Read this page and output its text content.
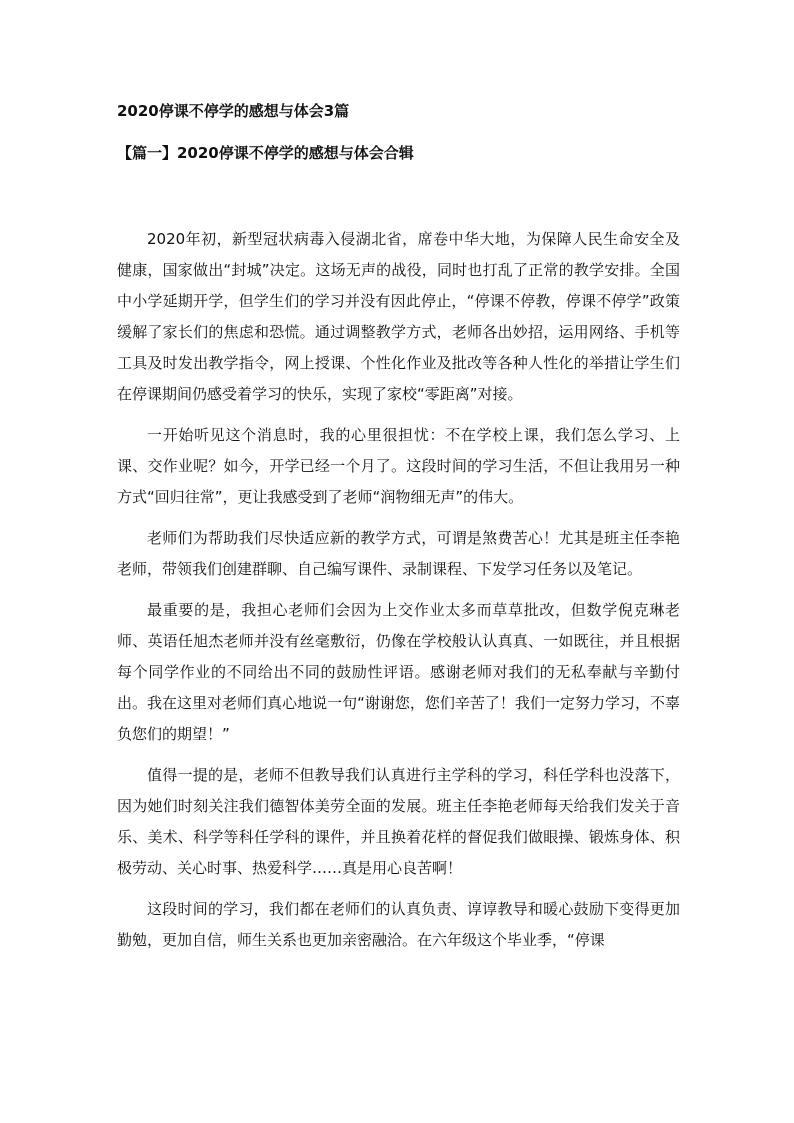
2020停课不停学的感想与体会3篇
【篇一】2020停课不停学的感想与体会合辑

2020年初，新型冠状病毒入侵湖北省，席卷中华大地，为保障人民生命安全及健康，国家做出“封城”决定。这场无声的战役，同时也打乱了正常的教学安排。全国中小学延期开学，但学生们的学习并没有因此停止，“停课不停教，停课不停学”政策缓解了家长们的焦虑和恐慌。通过调整教学方式，老师各出妙招，运用网络、手机等工具及时发出教学指令，网上授课、个性化作业及批改等各种人性化的举措让学生们在停课期间仍感受着学习的快乐，实现了家校“零距离”对接。

一开始听见这个消息时，我的心里很担忧：不在学校上课，我们怎么学习、上课、交作业呢？如今，开学已经一个月了。这段时间的学习生活，不但让我用另一种方式“回归往常”，更让我感受到了老师“润物细无声”的伟大。

老师们为帮助我们尽快适应新的教学方式，可谓是煞费苦心！尤其是班主任李艳老师，带领我们创建群聊、自己编写课件、录制课程、下发学习任务以及笔记。

最重要的是，我担心老师们会因为上交作业太多而草草批改，但数学倪克琳老师、英语任旭杰老师并没有丝毫敷衍，仍像在学校般认认真真、一如既往，并且根据每个同学作业的不同给出不同的鼓励性评语。感谢老师对我们的无私奉献与辛勤付出。我在这里对老师们真心地说一句“谢谢您，您们辛苦了！我们一定努力学习，不辜负您们的期望！”

值得一提的是，老师不但教导我们认真进行主学科的学习，科任学科也没落下，因为她们时刻关注我们德智体美劳全面的发展。班主任李艳老师每天给我们发关于音乐、美术、科学等科任学科的课件，并且换着花样的督促我们做眼操、锻炼身体、积极劳动、关心时事、热爱科学……真是用心良苦啊！

这段时间的学习，我们都在老师们的认真负责、谆谆教导和暖心鼓励下变得更加勤勉，更加自信，师生关系也更加亲密融洽。在六年级这个毕业季，“停课
